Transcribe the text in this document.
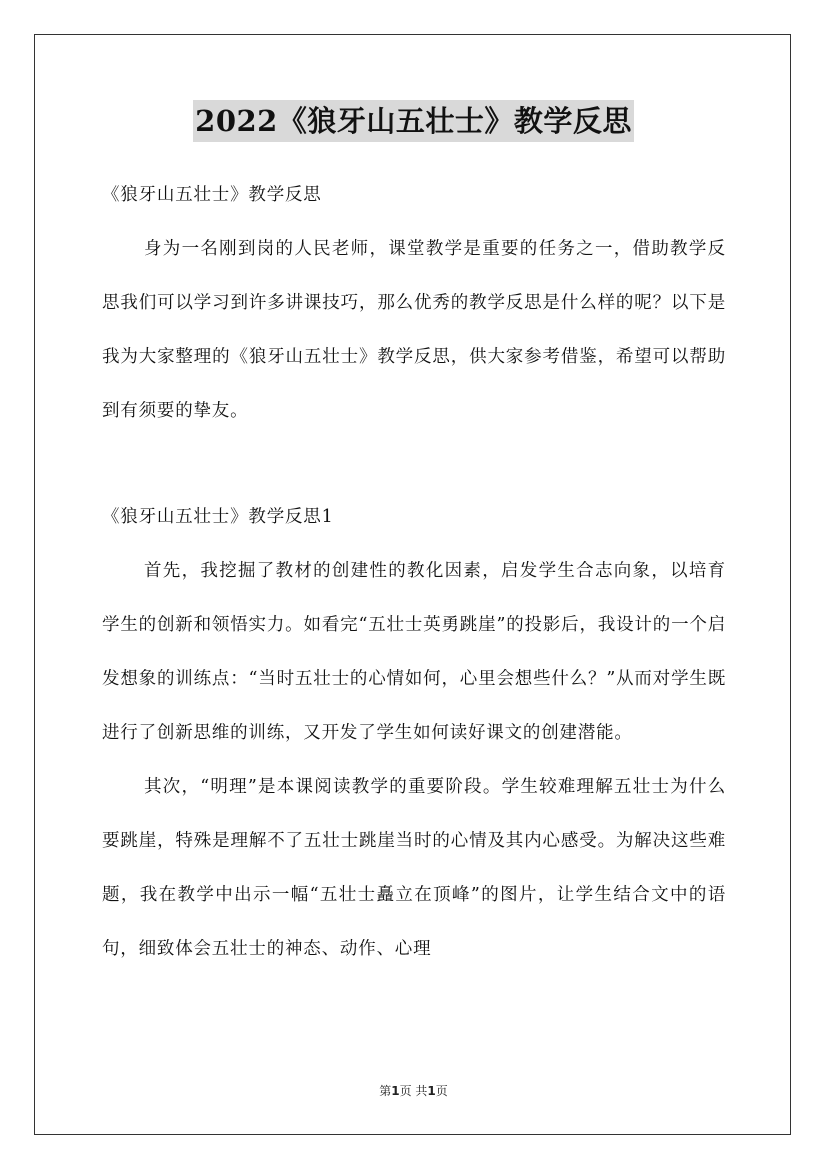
2022《狼牙山五壮士》教学反思

《狼牙山五壮士》教学反思

身为一名刚到岗的人民老师，课堂教学是重要的任务之一，借助教学反思我们可以学习到许多讲课技巧，那么优秀的教学反思是什么样的呢？以下是我为大家整理的《狼牙山五壮士》教学反思，供大家参考借鉴，希望可以帮助到有须要的挚友。

《狼牙山五壮士》教学反思1

首先，我挖掘了教材的创建性的教化因素，启发学生合志向象，以培育学生的创新和领悟实力。如看完“五壮士英勇跳崖”的投影后，我设计的一个启发想象的训练点：“当时五壮士的心情如何，心里会想些什么？”从而对学生既进行了创新思维的训练，又开发了学生如何读好课文的创建潜能。

其次，“明理”是本课阅读教学的重要阶段。学生较难理解五壮士为什么要跳崖，特殊是理解不了五壮士跳崖当时的心情及其内心感受。为解决这些难题，我在教学中出示一幅“五壮士矗立在顶峰”的图片，让学生结合文中的语句，细致体会五壮士的神态、动作、心理

第1页 共1页
